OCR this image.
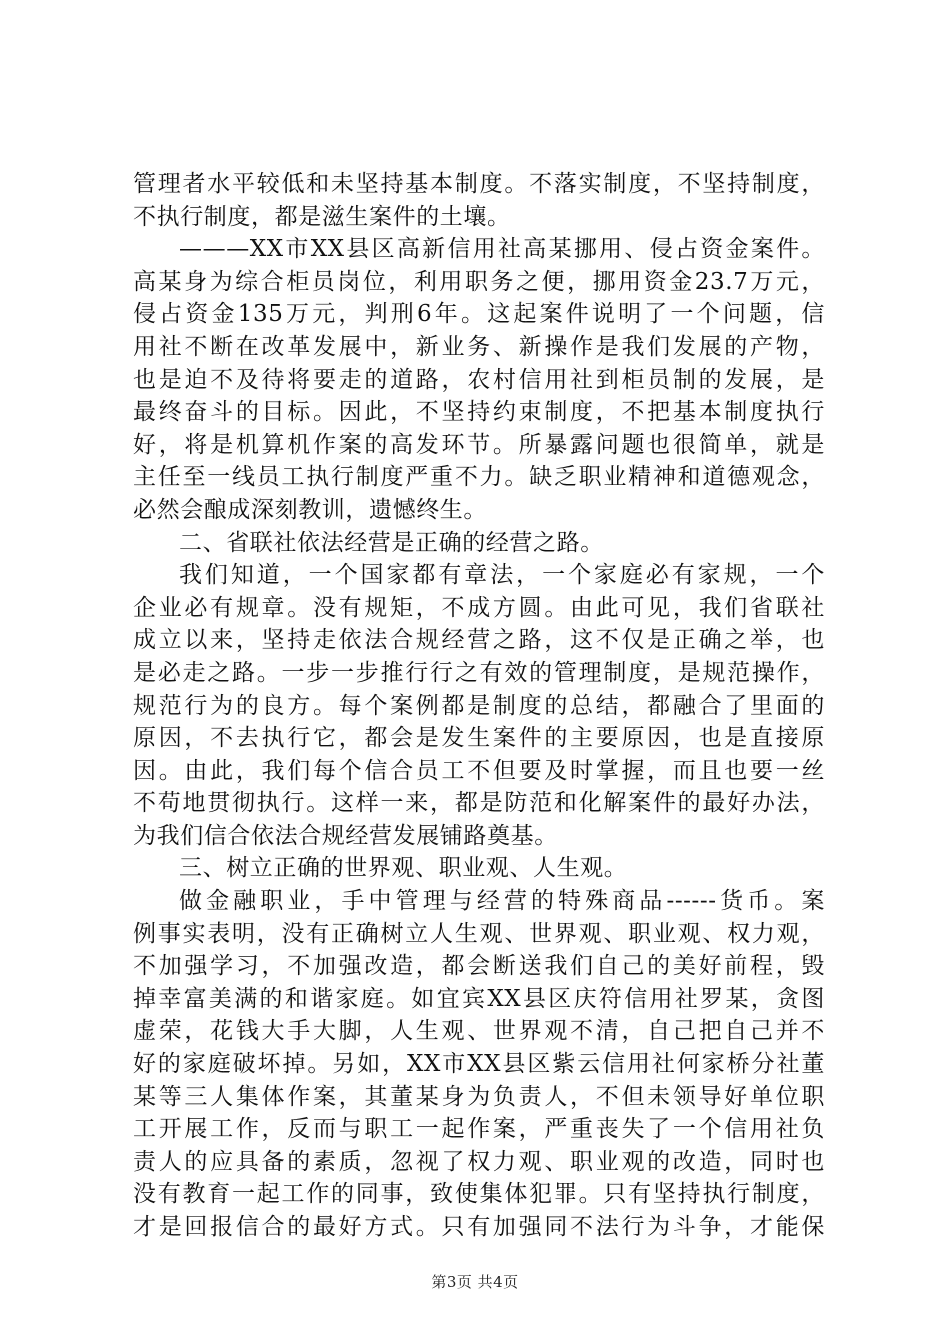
管理者水平较低和未坚持基本制度。不落实制度，不坚持制度，
不执行制度，都是滋生案件的土壤。
———XX市XX县区高新信用社高某挪用、侵占资金案件。
高某身为综合柜员岗位，利用职务之便，挪用资金23.7万元，
侵占资金135万元，判刑6年。这起案件说明了一个问题，信
用社不断在改革发展中，新业务、新操作是我们发展的产物，
也是迫不及待将要走的道路，农村信用社到柜员制的发展，是
最终奋斗的目标。因此，不坚持约束制度，不把基本制度执行
好，将是机算机作案的高发环节。所暴露问题也很简单，就是
主任至一线员工执行制度严重不力。缺乏职业精神和道德观念，
必然会酿成深刻教训，遗憾终生。
二、省联社依法经营是正确的经营之路。
我们知道，一个国家都有章法，一个家庭必有家规，一个
企业必有规章。没有规矩，不成方圆。由此可见，我们省联社
成立以来，坚持走依法合规经营之路，这不仅是正确之举，也
是必走之路。一步一步推行行之有效的管理制度，是规范操作，
规范行为的良方。每个案例都是制度的总结，都融合了里面的
原因，不去执行它，都会是发生案件的主要原因，也是直接原
因。由此，我们每个信合员工不但要及时掌握，而且也要一丝
不苟地贯彻执行。这样一来，都是防范和化解案件的最好办法，
为我们信合依法合规经营发展铺路奠基。
三、树立正确的世界观、职业观、人生观。
做金融职业，手中管理与经营的特殊商品------货币。案
例事实表明，没有正确树立人生观、世界观、职业观、权力观，
不加强学习，不加强改造，都会断送我们自己的美好前程，毁
掉幸富美满的和谐家庭。如宜宾XX县区庆符信用社罗某，贪图
虚荣，花钱大手大脚，人生观、世界观不清，自己把自己并不
好的家庭破坏掉。另如，XX市XX县区紫云信用社何家桥分社董
某等三人集体作案，其董某身为负责人，不但未领导好单位职
工开展工作，反而与职工一起作案，严重丧失了一个信用社负
责人的应具备的素质，忽视了权力观、职业观的改造，同时也
没有教育一起工作的同事，致使集体犯罪。只有坚持执行制度，
才是回报信合的最好方式。只有加强同不法行为斗争，才能保
第3页 共4页
